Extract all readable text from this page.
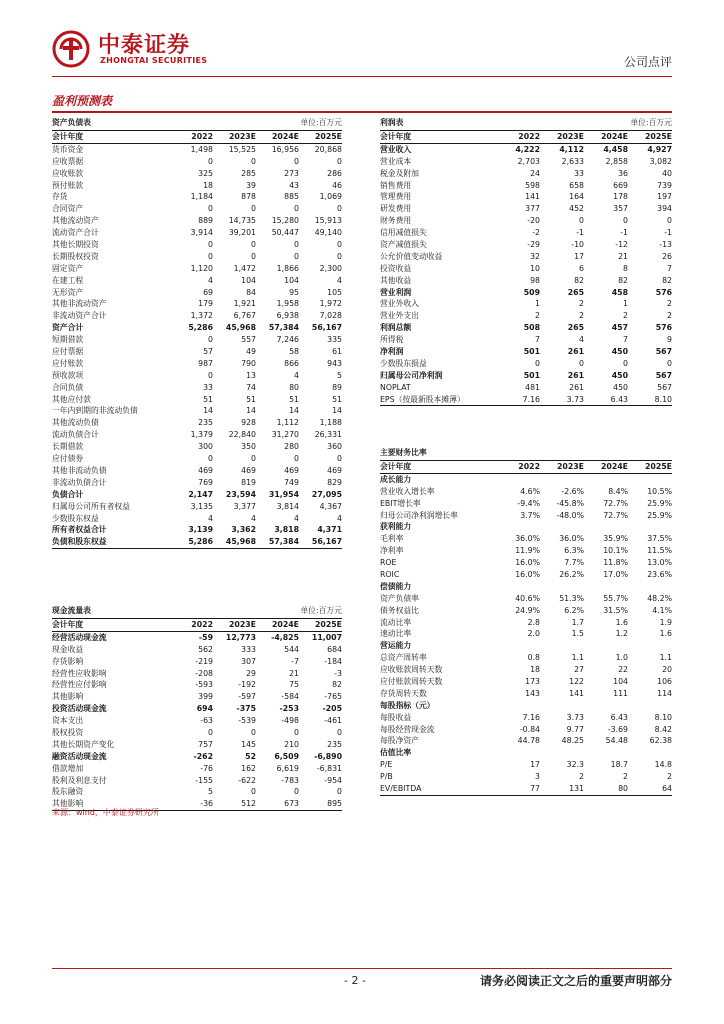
中泰证券
ZHONGTAI SECURITIES	公司点评
盈利预测表
资产负债表	单位:百万元
会计年度	2022	2023E	2024E	2025E
货币资金	1,498	15,525	16,956	20,868
应收票据	0	0	0	0
应收账款	325	285	273	286
预付账款	18	39	43	46
存货	1,184	878	885	1,069
合同资产	0	0	0	0
其他流动资产	889	14,735	15,280	15,913
流动资产合计	3,914	39,201	50,447	49,140
其他长期投资	0	0	0	0
长期股权投资	0	0	0	0
固定资产	1,120	1,472	1,866	2,300
在建工程	4	104	104	4
无形资产	69	84	95	105
其他非流动资产	179	1,921	1,958	1,972
非流动资产合计	1,372	6,767	6,938	7,028
资产合计	5,286	45,968	57,384	56,167
短期借款	0	557	7,246	335
应付票据	57	49	58	61
应付账款	987	790	866	943
预收款项	0	13	4	5
合同负债	33	74	80	89
其他应付款	51	51	51	51
一年内到期的非流动负债	14	14	14	14
其他流动负债	235	928	1,112	1,188
流动负债合计	1,379	22,840	31,270	26,331
长期借款	300	350	280	360
应付债券	0	0	0	0
其他非流动负债	469	469	469	469
非流动负债合计	769	819	749	829
负债合计	2,147	23,594	31,954	27,095
归属母公司所有者权益	3,135	3,377	3,814	4,367
少数股东权益	4	4	4	4
所有者权益合计	3,139	3,362	3,818	4,371
负债和股东权益	5,286	45,968	57,384	56,167
利润表	单位:百万元
会计年度	2022	2023E	2024E	2025E
营业收入	4,222	4,112	4,458	4,927
营业成本	2,703	2,633	2,858	3,082
税金及附加	24	33	36	40
销售费用	598	658	669	739
管理费用	141	164	178	197
研发费用	377	452	357	394
财务费用	-20	0	0	0
信用减值损失	-2	-1	-1	-1
资产减值损失	-29	-10	-12	-13
公允价值变动收益	32	17	21	26
投资收益	10	6	8	7
其他收益	98	82	82	82
营业利润	509	265	458	576
营业外收入	1	2	1	2
营业外支出	2	2	2	2
利润总额	508	265	457	576
所得税	7	4	7	9
净利润	501	261	450	567
少数股东损益	0	0	0	0
归属母公司净利润	501	261	450	567
NOPLAT	481	261	450	567
EPS（按最新股本摊薄）	7.16	3.73	6.43	8.10
主要财务比率
会计年度	2022	2023E	2024E	2025E
成长能力
营业收入增长率	4.6%	-2.6%	8.4%	10.5%
EBIT增长率	-9.4%	-45.8%	72.7%	25.9%
归母公司净利润增长率	3.7%	-48.0%	72.7%	25.9%
获利能力
毛利率	36.0%	36.0%	35.9%	37.5%
净利率	11.9%	6.3%	10.1%	11.5%
ROE	16.0%	7.7%	11.8%	13.0%
ROIC	16.0%	26.2%	17.0%	23.6%
偿债能力
资产负债率	40.6%	51.3%	55.7%	48.2%
债务权益比	24.9%	6.2%	31.5%	4.1%
流动比率	2.8	1.7	1.6	1.9
速动比率	2.0	1.5	1.2	1.6
营运能力
总资产周转率	0.8	1.1	1.0	1.1
应收账款周转天数	18	27	22	20
应付账款周转天数	173	122	104	106
存货周转天数	143	141	111	114
每股指标（元）
每股收益	7.16	3.73	6.43	8.10
每股经营现金流	-0.84	9.77	-3.69	8.42
每股净资产	44.78	48.25	54.48	62.38
估值比率
P/E	17	32.3	18.7	14.8
P/B	3	2	2	2
EV/EBITDA	77	131	80	64
现金流量表	单位:百万元
会计年度	2022	2023E	2024E	2025E
经营活动现金流	-59	12,773	-4,825	11,007
现金收益	562	333	544	684
存货影响	-219	307	-7	-184
经营性应收影响	-208	29	21	-3
经营性应付影响	-593	-192	75	82
其他影响	399	-597	-584	-765
投资活动现金流	694	-375	-253	-205
资本支出	-63	-539	-498	-461
股权投资	0	0	0	0
其他长期资产变化	757	145	210	235
融资活动现金流	-262	52	6,509	-6,890
借款增加	-76	162	6,619	-6,831
股利及利息支付	-155	-622	-783	-954
股东融资	5	0	0	0
其他影响	-36	512	673	895
来源：wind，中泰证券研究所
- 2 -	请务必阅读正文之后的重要声明部分
